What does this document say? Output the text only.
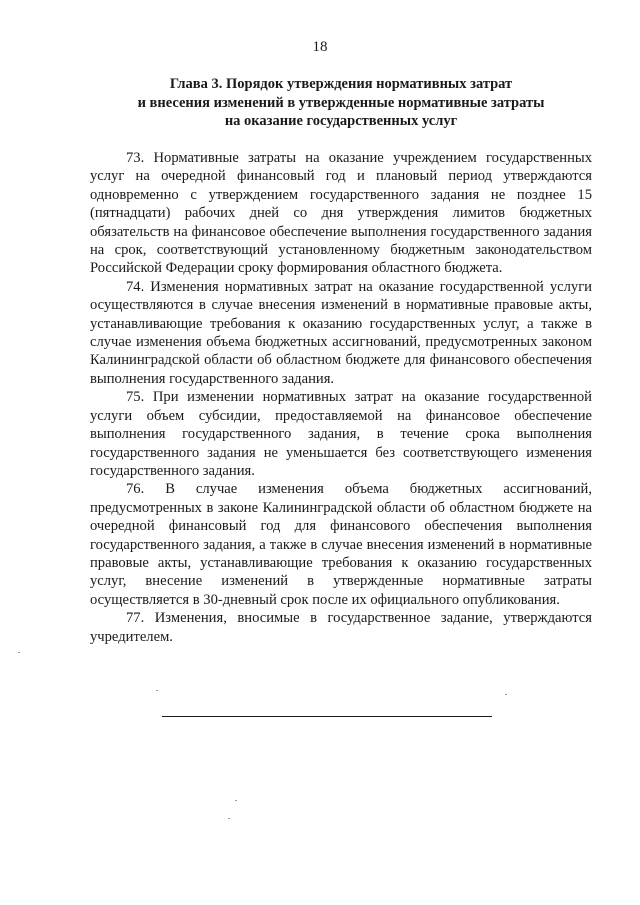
18
Глава 3. Порядок утверждения нормативных затрат
и внесения изменений в утвержденные нормативные затраты
на оказание государственных услуг

73. Нормативные затраты на оказание учреждением государственных услуг на очередной финансовый год и плановый период утверждаются одновременно с утверждением государственного задания не позднее 15 (пятнадцати) рабочих дней со дня утверждения лимитов бюджетных обязательств на финансовое обеспечение выполнения государственного задания на срок, соответствующий установленному бюджетным законодательством Российской Федерации сроку формирования областного бюджета.

74. Изменения нормативных затрат на оказание государственной услуги осуществляются в случае внесения изменений в нормативные правовые акты, устанавливающие требования к оказанию государственных услуг, а также в случае изменения объема бюджетных ассигнований, предусмотренных законом Калининградской области об областном бюджете для финансового обеспечения выполнения государственного задания.

75. При изменении нормативных затрат на оказание государственной услуги объем субсидии, предоставляемой на финансовое обеспечение выполнения государственного задания, в течение срока выполнения государственного задания не уменьшается без соответствующего изменения государственного задания.

76. В случае изменения объема бюджетных ассигнований, предусмотренных в законе Калининградской области об областном бюджете на очередной финансовый год для финансового обеспечения выполнения государственного задания, а также в случае внесения изменений в нормативные правовые акты, устанавливающие требования к оказанию государственных услуг, внесение изменений в утвержденные нормативные затраты осуществляется в 30-дневный срок после их официального опубликования.

77. Изменения, вносимые в государственное задание, утверждаются учредителем.
